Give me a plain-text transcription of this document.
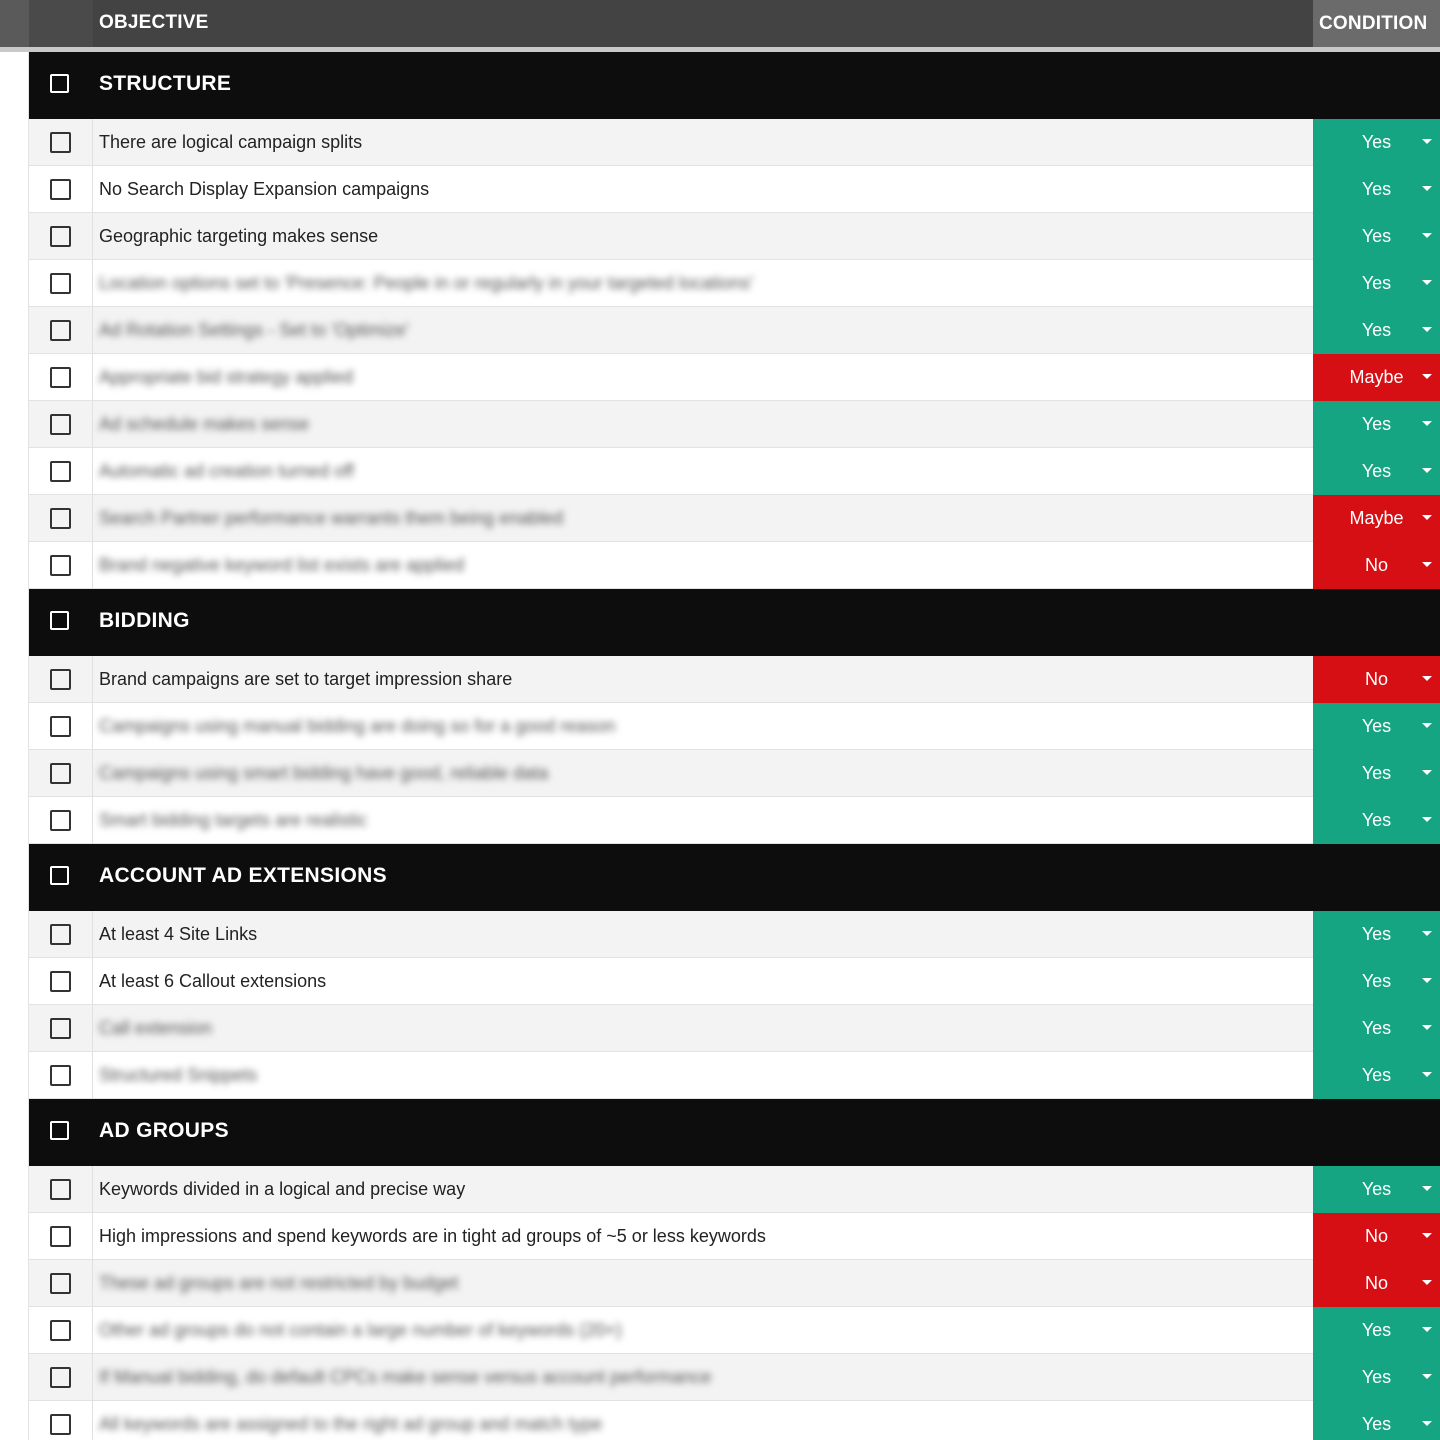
OBJECTIVE	CONDITION
STRUCTURE
There are logical campaign splits	Yes
No Search Display Expansion campaigns	Yes
Geographic targeting makes sense	Yes
Location options set to 'Presence: People in or regularly in your targeted locations'	Yes
Ad Rotation Settings - Set to 'Optimize'	Yes
Appropriate bid strategy applied	Maybe
Ad schedule makes sense	Yes
Automatic ad creation turned off	Yes
Search Partner performance warrants them being enabled	Maybe
Brand negative keyword list exists are applied	No
BIDDING
Brand campaigns are set to target impression share	No
Campaigns using manual bidding are doing so for a good reason	Yes
Campaigns using smart bidding have good, reliable data	Yes
Smart bidding targets are realistic	Yes
ACCOUNT AD EXTENSIONS
At least 4 Site Links	Yes
At least 6 Callout extensions	Yes
Call extension	Yes
Structured Snippets	Yes
AD GROUPS
Keywords divided in a logical and precise way	Yes
High impressions and spend keywords are in tight ad groups of ~5 or less keywords	No
These ad groups are not restricted by budget	No
Other ad groups do not contain a large number of keywords (20+)	Yes
If Manual bidding, do default CPCs make sense versus account performance	Yes
All keywords are assigned to the right ad group and match type	Yes
